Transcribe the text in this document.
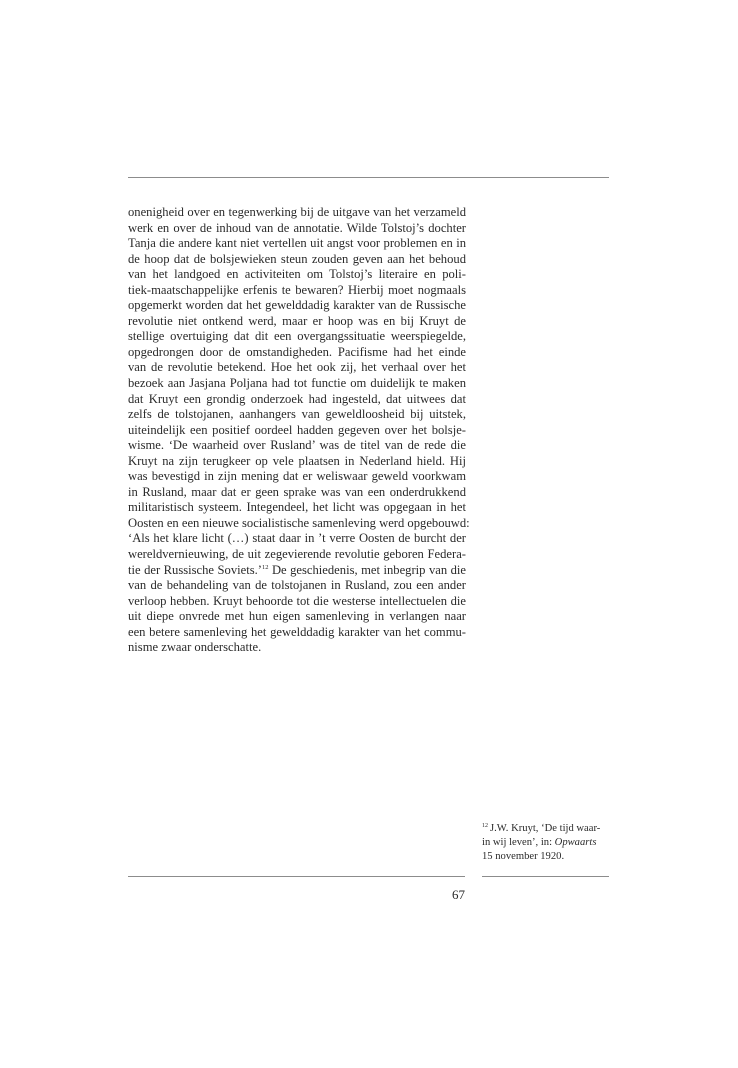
onenigheid over en tegenwerking bij de uitgave van het verzameld
werk en over de inhoud van de annotatie. Wilde Tolstoj’s dochter
Tanja die andere kant niet vertellen uit angst voor problemen en in
de hoop dat de bolsjewieken steun zouden geven aan het behoud
van het landgoed en activiteiten om Tolstoj’s literaire en poli-
tiek-maatschappelijke erfenis te bewaren? Hierbij moet nogmaals
opgemerkt worden dat het gewelddadig karakter van de Russische
revolutie niet ontkend werd, maar er hoop was en bij Kruyt de
stellige overtuiging dat dit een overgangssituatie weerspiegelde,
opgedrongen door de omstandigheden. Pacifisme had het einde
van de revolutie betekend. Hoe het ook zij, het verhaal over het
bezoek aan Jasjana Poljana had tot functie om duidelijk te maken
dat Kruyt een grondig onderzoek had ingesteld, dat uitwees dat
zelfs de tolstojanen, aanhangers van geweldloosheid bij uitstek,
uiteindelijk een positief oordeel hadden gegeven over het bolsje-
wisme. ‘De waarheid over Rusland’ was de titel van de rede die
Kruyt na zijn terugkeer op vele plaatsen in Nederland hield. Hij
was bevestigd in zijn mening dat er weliswaar geweld voorkwam
in Rusland, maar dat er geen sprake was van een onderdrukkend
militaristisch systeem. Integendeel, het licht was opgegaan in het
Oosten en een nieuwe socialistische samenleving werd opgebouwd:
‘Als het klare licht (…) staat daar in ’t verre Oosten de burcht der
wereldvernieuwing, de uit zegevierende revolutie geboren Federa-
tie der Russische Soviets.’$^{12}$ De geschiedenis, met inbegrip van die
van de behandeling van de tolstojanen in Rusland, zou een ander
verloop hebben. Kruyt behoorde tot die westerse intellectuelen die
uit diepe onvrede met hun eigen samenleving in verlangen naar
een betere samenleving het gewelddadig karakter van het commu-
nisme zwaar onderschatte.
$^{12}$ J.W. Kruyt, ‘De tijd waar-
in wij leven’, in: Opwaarts
15 november 1920.
67
